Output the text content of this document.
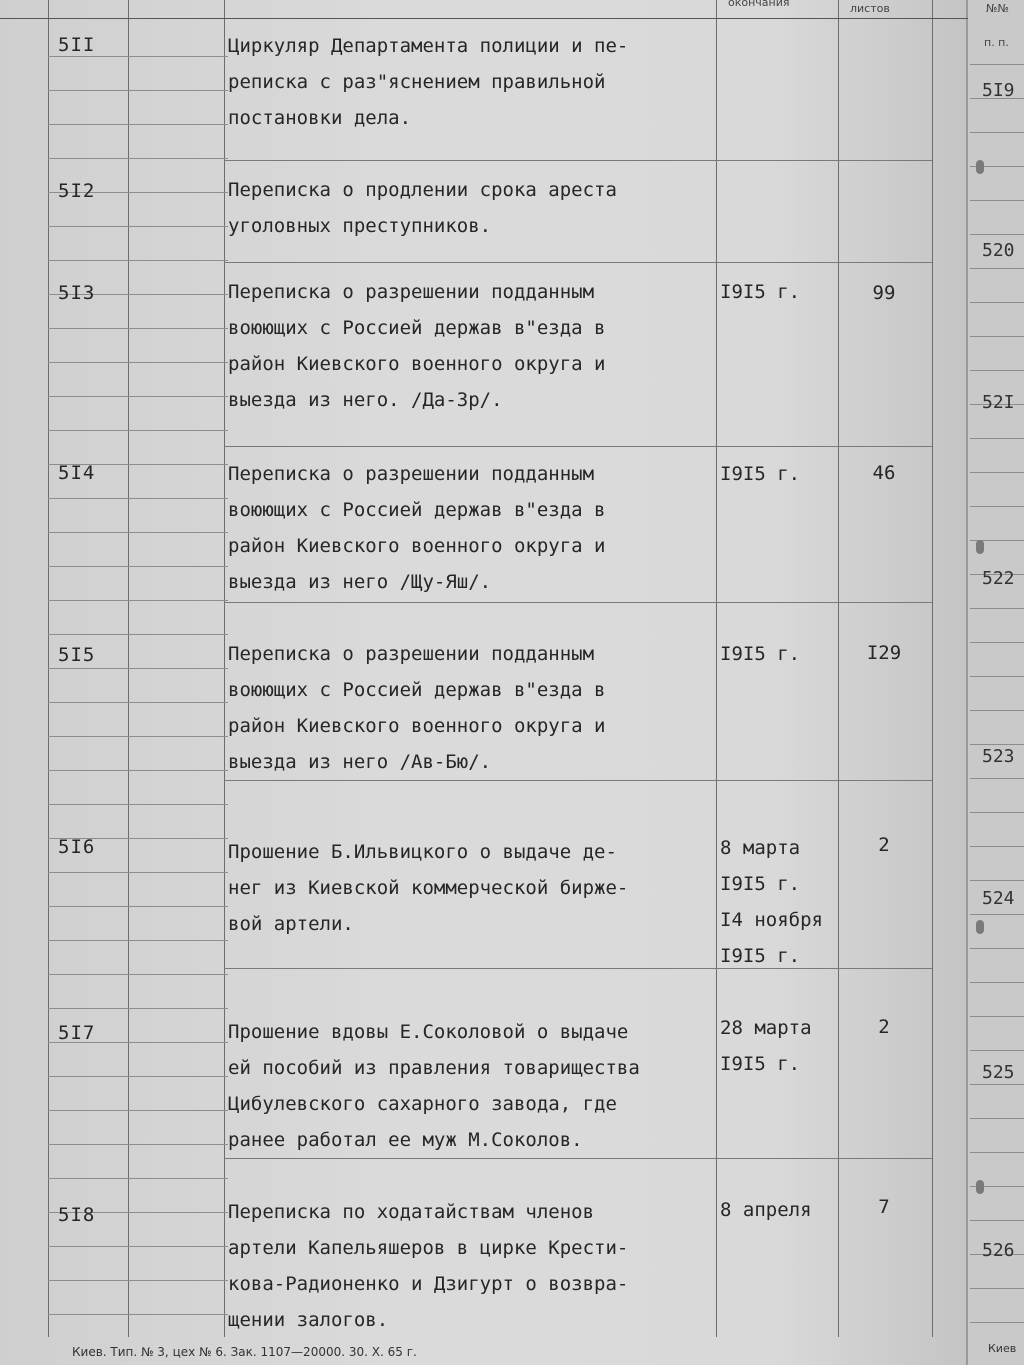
окончания	листов	№№
п. п.
5II	Циркуляр Департамента полиции и пе-
реписка с раз"яснением правильной
постановки дела.
5I2	Переписка о продлении срока ареста
уголовных преступников.
5I3	Переписка о разрешении подданным
воюющих с Россией держав в"езда в
район Киевского военного округа и
выезда из него. /Да-Зр/.
I9I5 г.	99
5I4	Переписка о разрешении подданным
воюющих с Россией держав в"езда в
район Киевского военного округа и
выезда из него /Щу-Яш/.
I9I5 г.	46
5I5	Переписка о разрешении подданным
воюющих с Россией держав в"езда в
район Киевского военного округа и
выезда из него /Ав-Бю/.
I9I5 г.	I29
5I6	Прошение Б.Ильвицкого о выдаче де-
нег из Киевской коммерческой бирже-
вой артели.
8 марта
I9I5 г.
I4 ноября
I9I5 г.
2
5I7	Прошение вдовы Е.Соколовой о выдаче
ей пособий из правления товарищества
Цибулевского сахарного завода, где
ранее работал ее муж М.Соколов.
28 марта
I9I5 г.
2
5I8	Переписка по ходатайствам членов
артели Капельяшеров в цирке Крести-
кова-Радионенко и Дзигурт о возвра-
щении залогов.
8 апреля	7
5I9
520
52I
522
523
524
525
526
Киев. Тип. № 3, цех № 6. Зак. 1107—20000. 30. X. 65 г.	Киев
